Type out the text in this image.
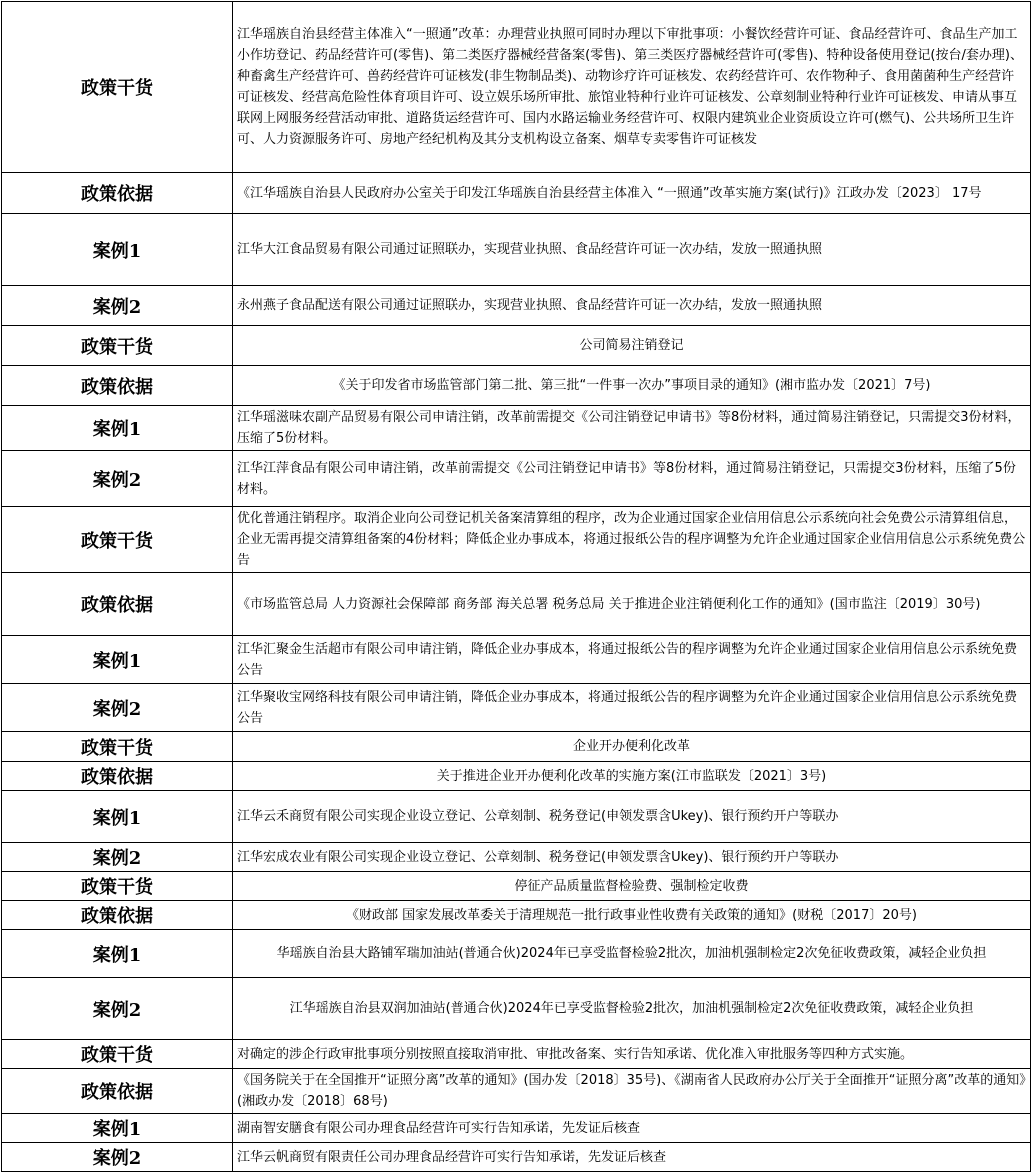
政策干货	江华瑶族自治县经营主体准入“一照通”改革：办理营业执照可同时办理以下审批事项：小餐饮经营许可证、食品经营许可、食品生产加工小作坊登记、药品经营许可(零售)、第二类医疗器械经营备案(零售)、第三类医疗器械经营许可(零售)、特种设备使用登记(按台/套办理)、种畜禽生产经营许可、兽药经营许可证核发(非生物制品类)、动物诊疗许可证核发、农药经营许可、农作物种子、食用菌菌种生产经营许可证核发、经营高危险性体育项目许可、设立娱乐场所审批、旅馆业特种行业许可证核发、公章刻制业特种行业许可证核发、申请从事互联网上网服务经营活动审批、道路货运经营许可、国内水路运输业务经营许可、权限内建筑业企业资质设立许可(燃气)、公共场所卫生许可、人力资源服务许可、房地产经纪机构及其分支机构设立备案、烟草专卖零售许可证核发
政策依据	《江华瑶族自治县人民政府办公室关于印发江华瑶族自治县经营主体准入 “一照通”改革实施方案(试行)》江政办发〔2023〕 17号
案例1	江华大江食品贸易有限公司通过证照联办，实现营业执照、食品经营许可证一次办结，发放一照通执照
案例2	永州燕子食品配送有限公司通过证照联办，实现营业执照、食品经营许可证一次办结，发放一照通执照
政策干货	公司简易注销登记
政策依据	《关于印发省市场监管部门第二批、第三批“一件事一次办”事项目录的通知》(湘市监办发〔2021〕7号)
案例1	江华瑶滋味农副产品贸易有限公司申请注销，改革前需提交《公司注销登记申请书》等8份材料，通过简易注销登记，只需提交3份材料，压缩了5份材料。
案例2	江华江萍食品有限公司申请注销，改革前需提交《公司注销登记申请书》等8份材料，通过简易注销登记，只需提交3份材料，压缩了5份材料。
政策干货	优化普通注销程序。取消企业向公司登记机关备案清算组的程序，改为企业通过国家企业信用信息公示系统向社会免费公示清算组信息，企业无需再提交清算组备案的4份材料；降低企业办事成本，将通过报纸公告的程序调整为允许企业通过国家企业信用信息公示系统免费公告
政策依据	《市场监管总局 人力资源社会保障部 商务部 海关总署 税务总局 关于推进企业注销便利化工作的通知》(国市监注〔2019〕30号)
案例1	江华汇聚金生活超市有限公司申请注销，降低企业办事成本，将通过报纸公告的程序调整为允许企业通过国家企业信用信息公示系统免费公告
案例2	江华聚收宝网络科技有限公司申请注销，降低企业办事成本，将通过报纸公告的程序调整为允许企业通过国家企业信用信息公示系统免费公告
政策干货	企业开办便利化改革
政策依据	关于推进企业开办便利化改革的实施方案(江市监联发〔2021〕3号)
案例1	江华云禾商贸有限公司实现企业设立登记、公章刻制、税务登记(申领发票含Ukey)、银行预约开户等联办
案例2	江华宏成农业有限公司实现企业设立登记、公章刻制、税务登记(申领发票含Ukey)、银行预约开户等联办
政策干货	停征产品质量监督检验费、强制检定收费
政策依据	《财政部 国家发展改革委关于清理规范一批行政事业性收费有关政策的通知》(财税〔2017〕20号)
案例1	华瑶族自治县大路铺军瑞加油站(普通合伙)2024年已享受监督检验2批次，加油机强制检定2次免征收费政策，减轻企业负担
案例2	江华瑶族自治县双润加油站(普通合伙)2024年已享受监督检验2批次，加油机强制检定2次免征收费政策，减轻企业负担
政策干货	对确定的涉企行政审批事项分别按照直接取消审批、审批改备案、实行告知承诺、优化准入审批服务等四种方式实施。
政策依据	《国务院关于在全国推开“证照分离”改革的通知》(国办发〔2018〕35号)、《湖南省人民政府办公厅关于全面推开“证照分离”改革的通知》(湘政办发〔2018〕68号)
案例1	湖南智安膳食有限公司办理食品经营许可实行告知承诺，先发证后核查
案例2	江华云帆商贸有限责任公司办理食品经营许可实行告知承诺，先发证后核查
